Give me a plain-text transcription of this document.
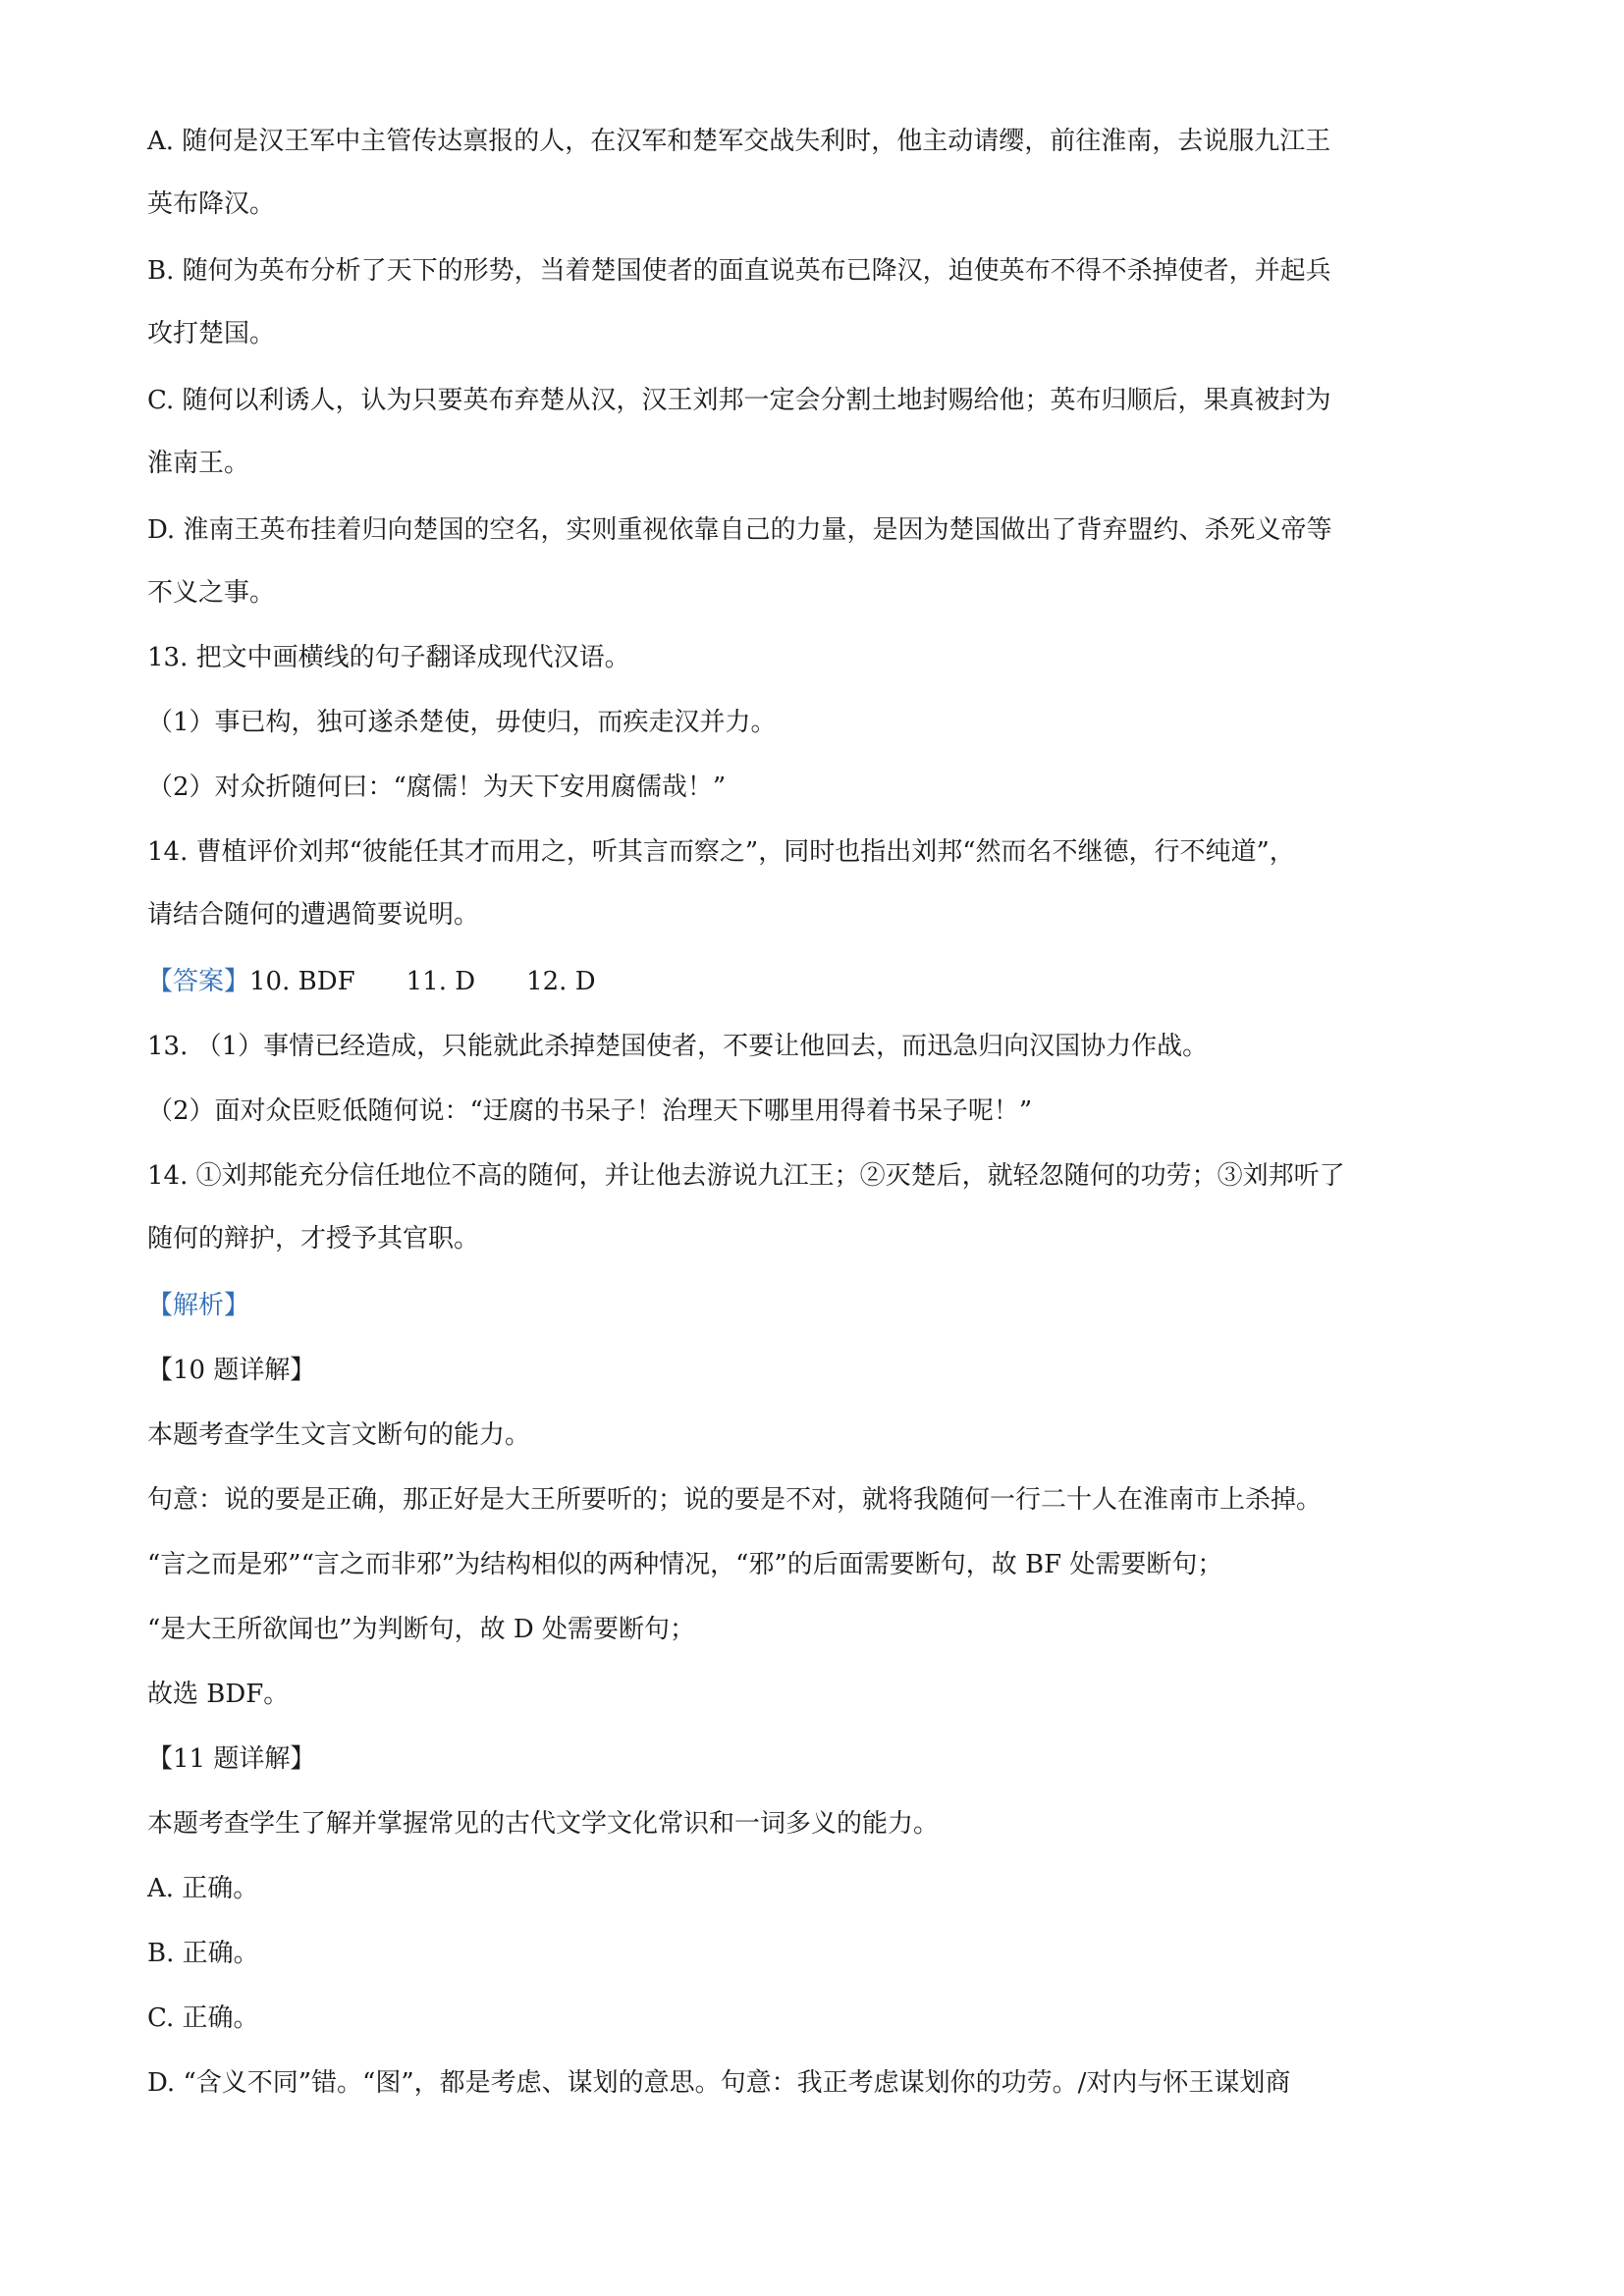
A. 随何是汉王军中主管传达禀报的人，在汉军和楚军交战失利时，他主动请缨，前往淮南，去说服九江王

英布降汉。

B. 随何为英布分析了天下的形势，当着楚国使者的面直说英布已降汉，迫使英布不得不杀掉使者，并起兵

攻打楚国。

C. 随何以利诱人，认为只要英布弃楚从汉，汉王刘邦一定会分割土地封赐给他；英布归顺后，果真被封为

淮南王。

D. 淮南王英布挂着归向楚国的空名，实则重视依靠自己的力量，是因为楚国做出了背弃盟约、杀死义帝等

不义之事。

13. 把文中画横线的句子翻译成现代汉语。

（1）事已构，独可遂杀楚使，毋使归，而疾走汉并力。

（2）对众折随何曰：“腐儒！为天下安用腐儒哉！”

14. 曹植评价刘邦“彼能任其才而用之，听其言而察之”，同时也指出刘邦“然而名不继德，行不纯道”，

请结合随何的遭遇简要说明。

【答案】10. BDF　　11. D　　12. D

13. （1）事情已经造成，只能就此杀掉楚国使者，不要让他回去，而迅急归向汉国协力作战。

（2）面对众臣贬低随何说：“迂腐的书呆子！治理天下哪里用得着书呆子呢！”

14. ①刘邦能充分信任地位不高的随何，并让他去游说九江王；②灭楚后，就轻忽随何的功劳；③刘邦听了

随何的辩护，才授予其官职。

【解析】

【10 题详解】

本题考查学生文言文断句的能力。

句意：说的要是正确，那正好是大王所要听的；说的要是不对，就将我随何一行二十人在淮南市上杀掉。

“言之而是邪”“言之而非邪”为结构相似的两种情况，“邪”的后面需要断句，故 BF 处需要断句；

“是大王所欲闻也”为判断句，故 D 处需要断句；

故选 BDF。

【11 题详解】

本题考查学生了解并掌握常见的古代文学文化常识和一词多义的能力。

A. 正确。

B. 正确。

C. 正确。

D. “含义不同”错。“图”，都是考虑、谋划的意思。句意：我正考虑谋划你的功劳。/对内与怀王谋划商
